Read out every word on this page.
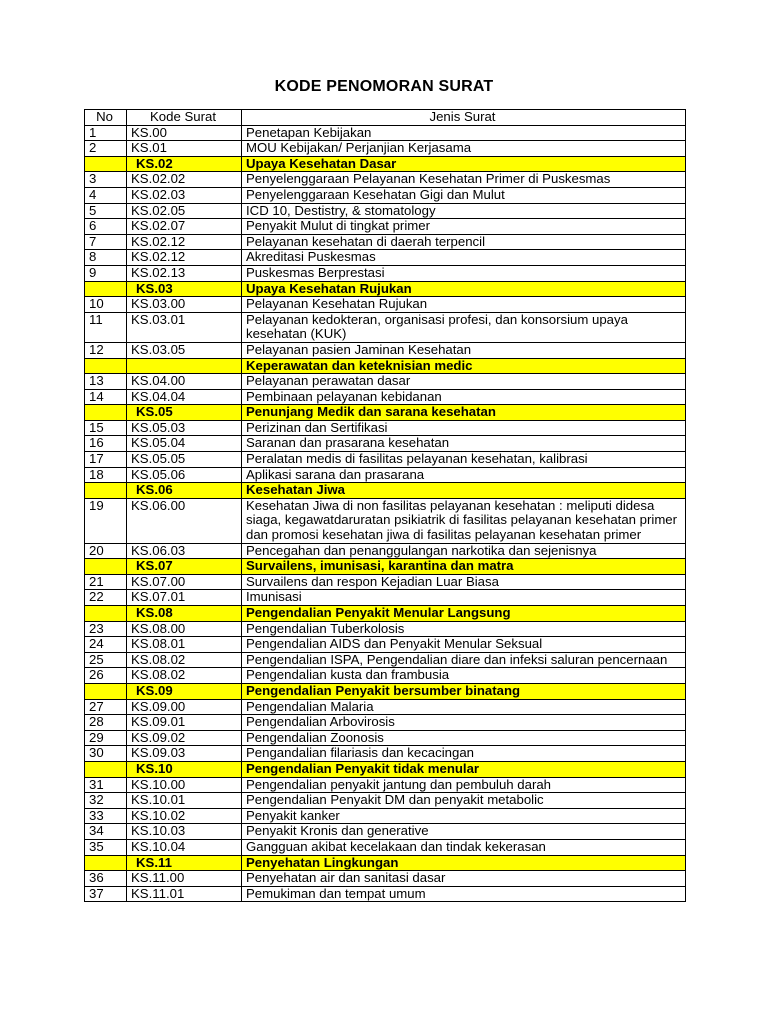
KODE PENOMORAN SURAT
No	Kode Surat	Jenis Surat
1	KS.00	Penetapan Kebijakan
2	KS.01	MOU Kebijakan/ Perjanjian Kerjasama
	KS.02	Upaya Kesehatan Dasar
3	KS.02.02	Penyelenggaraan Pelayanan Kesehatan Primer di Puskesmas
4	KS.02.03	Penyelenggaraan Kesehatan Gigi dan Mulut
5	KS.02.05	ICD 10, Destistry, & stomatology
6	KS.02.07	Penyakit Mulut di tingkat primer
7	KS.02.12	Pelayanan kesehatan di daerah terpencil
8	KS.02.12	Akreditasi Puskesmas
9	KS.02.13	Puskesmas Berprestasi
	KS.03	Upaya Kesehatan Rujukan
10	KS.03.00	Pelayanan Kesehatan Rujukan
11	KS.03.01	Pelayanan kedokteran, organisasi profesi, dan konsorsium upaya kesehatan (KUK)
12	KS.03.05	Pelayanan pasien Jaminan Kesehatan
		Keperawatan dan keteknisian medic
13	KS.04.00	Pelayanan perawatan dasar
14	KS.04.04	Pembinaan pelayanan kebidanan
	KS.05	Penunjang Medik dan sarana kesehatan
15	KS.05.03	Perizinan dan Sertifikasi
16	KS.05.04	Saranan dan prasarana kesehatan
17	KS.05.05	Peralatan medis di fasilitas pelayanan kesehatan, kalibrasi
18	KS.05.06	Aplikasi sarana dan prasarana
	KS.06	Kesehatan Jiwa
19	KS.06.00	Kesehatan Jiwa di non fasilitas pelayanan kesehatan : meliputi didesa siaga, kegawatdaruratan psikiatrik di fasilitas pelayanan kesehatan primer dan promosi kesehatan jiwa di fasilitas pelayanan kesehatan primer
20	KS.06.03	Pencegahan dan penanggulangan narkotika dan sejenisnya
	KS.07	Survailens, imunisasi, karantina dan matra
21	KS.07.00	Survailens dan respon Kejadian Luar Biasa
22	KS.07.01	Imunisasi
	KS.08	Pengendalian Penyakit Menular Langsung
23	KS.08.00	Pengendalian Tuberkolosis
24	KS.08.01	Pengendalian AIDS dan Penyakit Menular Seksual
25	KS.08.02	Pengendalian ISPA, Pengendalian diare dan infeksi saluran pencernaan
26	KS.08.02	Pengendalian kusta dan frambusia
	KS.09	Pengendalian Penyakit bersumber binatang
27	KS.09.00	Pengendalian Malaria
28	KS.09.01	Pengendalian Arbovirosis
29	KS.09.02	Pengendalian Zoonosis
30	KS.09.03	Pengandalian filariasis dan kecacingan
	KS.10	Pengendalian Penyakit tidak menular
31	KS.10.00	Pengendalian penyakit jantung dan pembuluh darah
32	KS.10.01	Pengendalian Penyakit DM dan penyakit metabolic
33	KS.10.02	Penyakit kanker
34	KS.10.03	Penyakit Kronis dan generative
35	KS.10.04	Gangguan akibat kecelakaan dan tindak kekerasan
	KS.11	Penyehatan Lingkungan
36	KS.11.00	Penyehatan air dan sanitasi dasar
37	KS.11.01	Pemukiman dan tempat umum
